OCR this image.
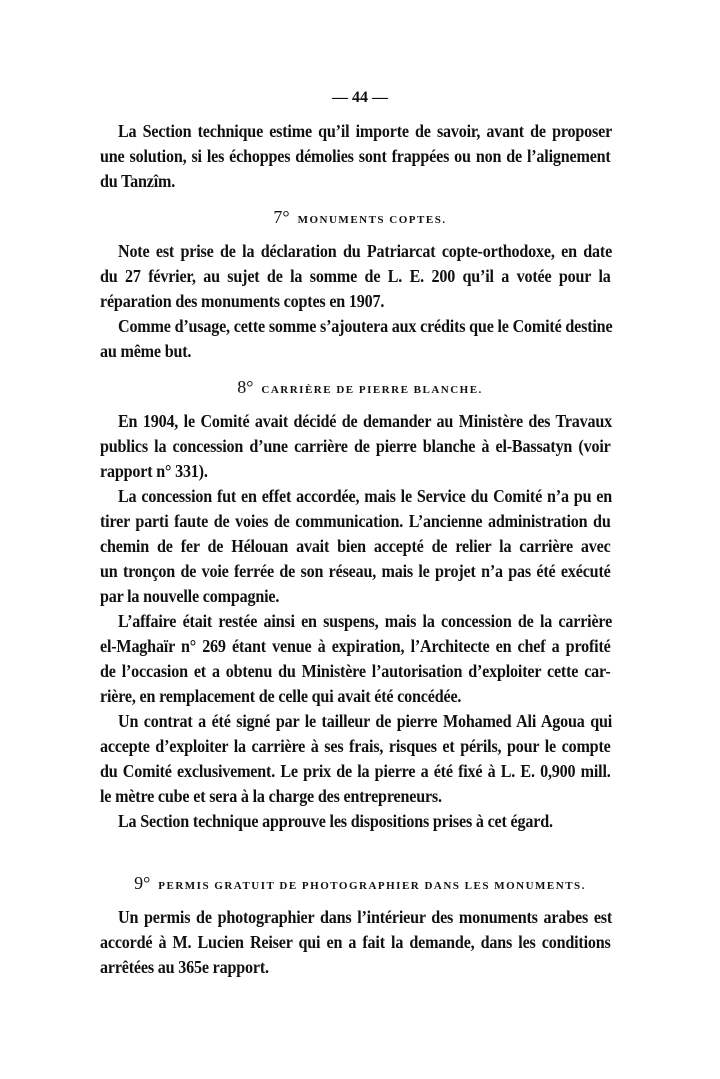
— 44 —
La Section technique estime qu’il importe de savoir, avant de proposer
une solution, si les échoppes démolies sont frappées ou non de l’alignement
du Tanzîm.
7° MONUMENTS COPTES.
Note est prise de la déclaration du Patriarcat copte-orthodoxe, en date
du 27 février, au sujet de la somme de L. E. 200 qu’il a votée pour la
réparation des monuments coptes en 1907.
Comme d’usage, cette somme s’ajoutera aux crédits que le Comité destine
au même but.
8° CARRIÈRE DE PIERRE BLANCHE.
En 1904, le Comité avait décidé de demander au Ministère des Travaux
publics la concession d’une carrière de pierre blanche à el-Bassatyn (voir
rapport n° 331).
La concession fut en effet accordée, mais le Service du Comité n’a pu en
tirer parti faute de voies de communication. L’ancienne administration du
chemin de fer de Hélouan avait bien accepté de relier la carrière avec
un tronçon de voie ferrée de son réseau, mais le projet n’a pas été exécuté
par la nouvelle compagnie.
L’affaire était restée ainsi en suspens, mais la concession de la carrière
el-Maghaïr n° 269 étant venue à expiration, l’Architecte en chef a profité
de l’occasion et a obtenu du Ministère l’autorisation d’exploiter cette car-
rière, en remplacement de celle qui avait été concédée.
Un contrat a été signé par le tailleur de pierre Mohamed Ali Agoua qui
accepte d’exploiter la carrière à ses frais, risques et périls, pour le compte
du Comité exclusivement. Le prix de la pierre a été fixé à L. E. 0,900 mill.
le mètre cube et sera à la charge des entrepreneurs.
La Section technique approuve les dispositions prises à cet égard.
9° PERMIS GRATUIT DE PHOTOGRAPHIER DANS LES MONUMENTS.
Un permis de photographier dans l’intérieur des monuments arabes est
accordé à M. Lucien Reiser qui en a fait la demande, dans les conditions
arrêtées au 365e rapport.
